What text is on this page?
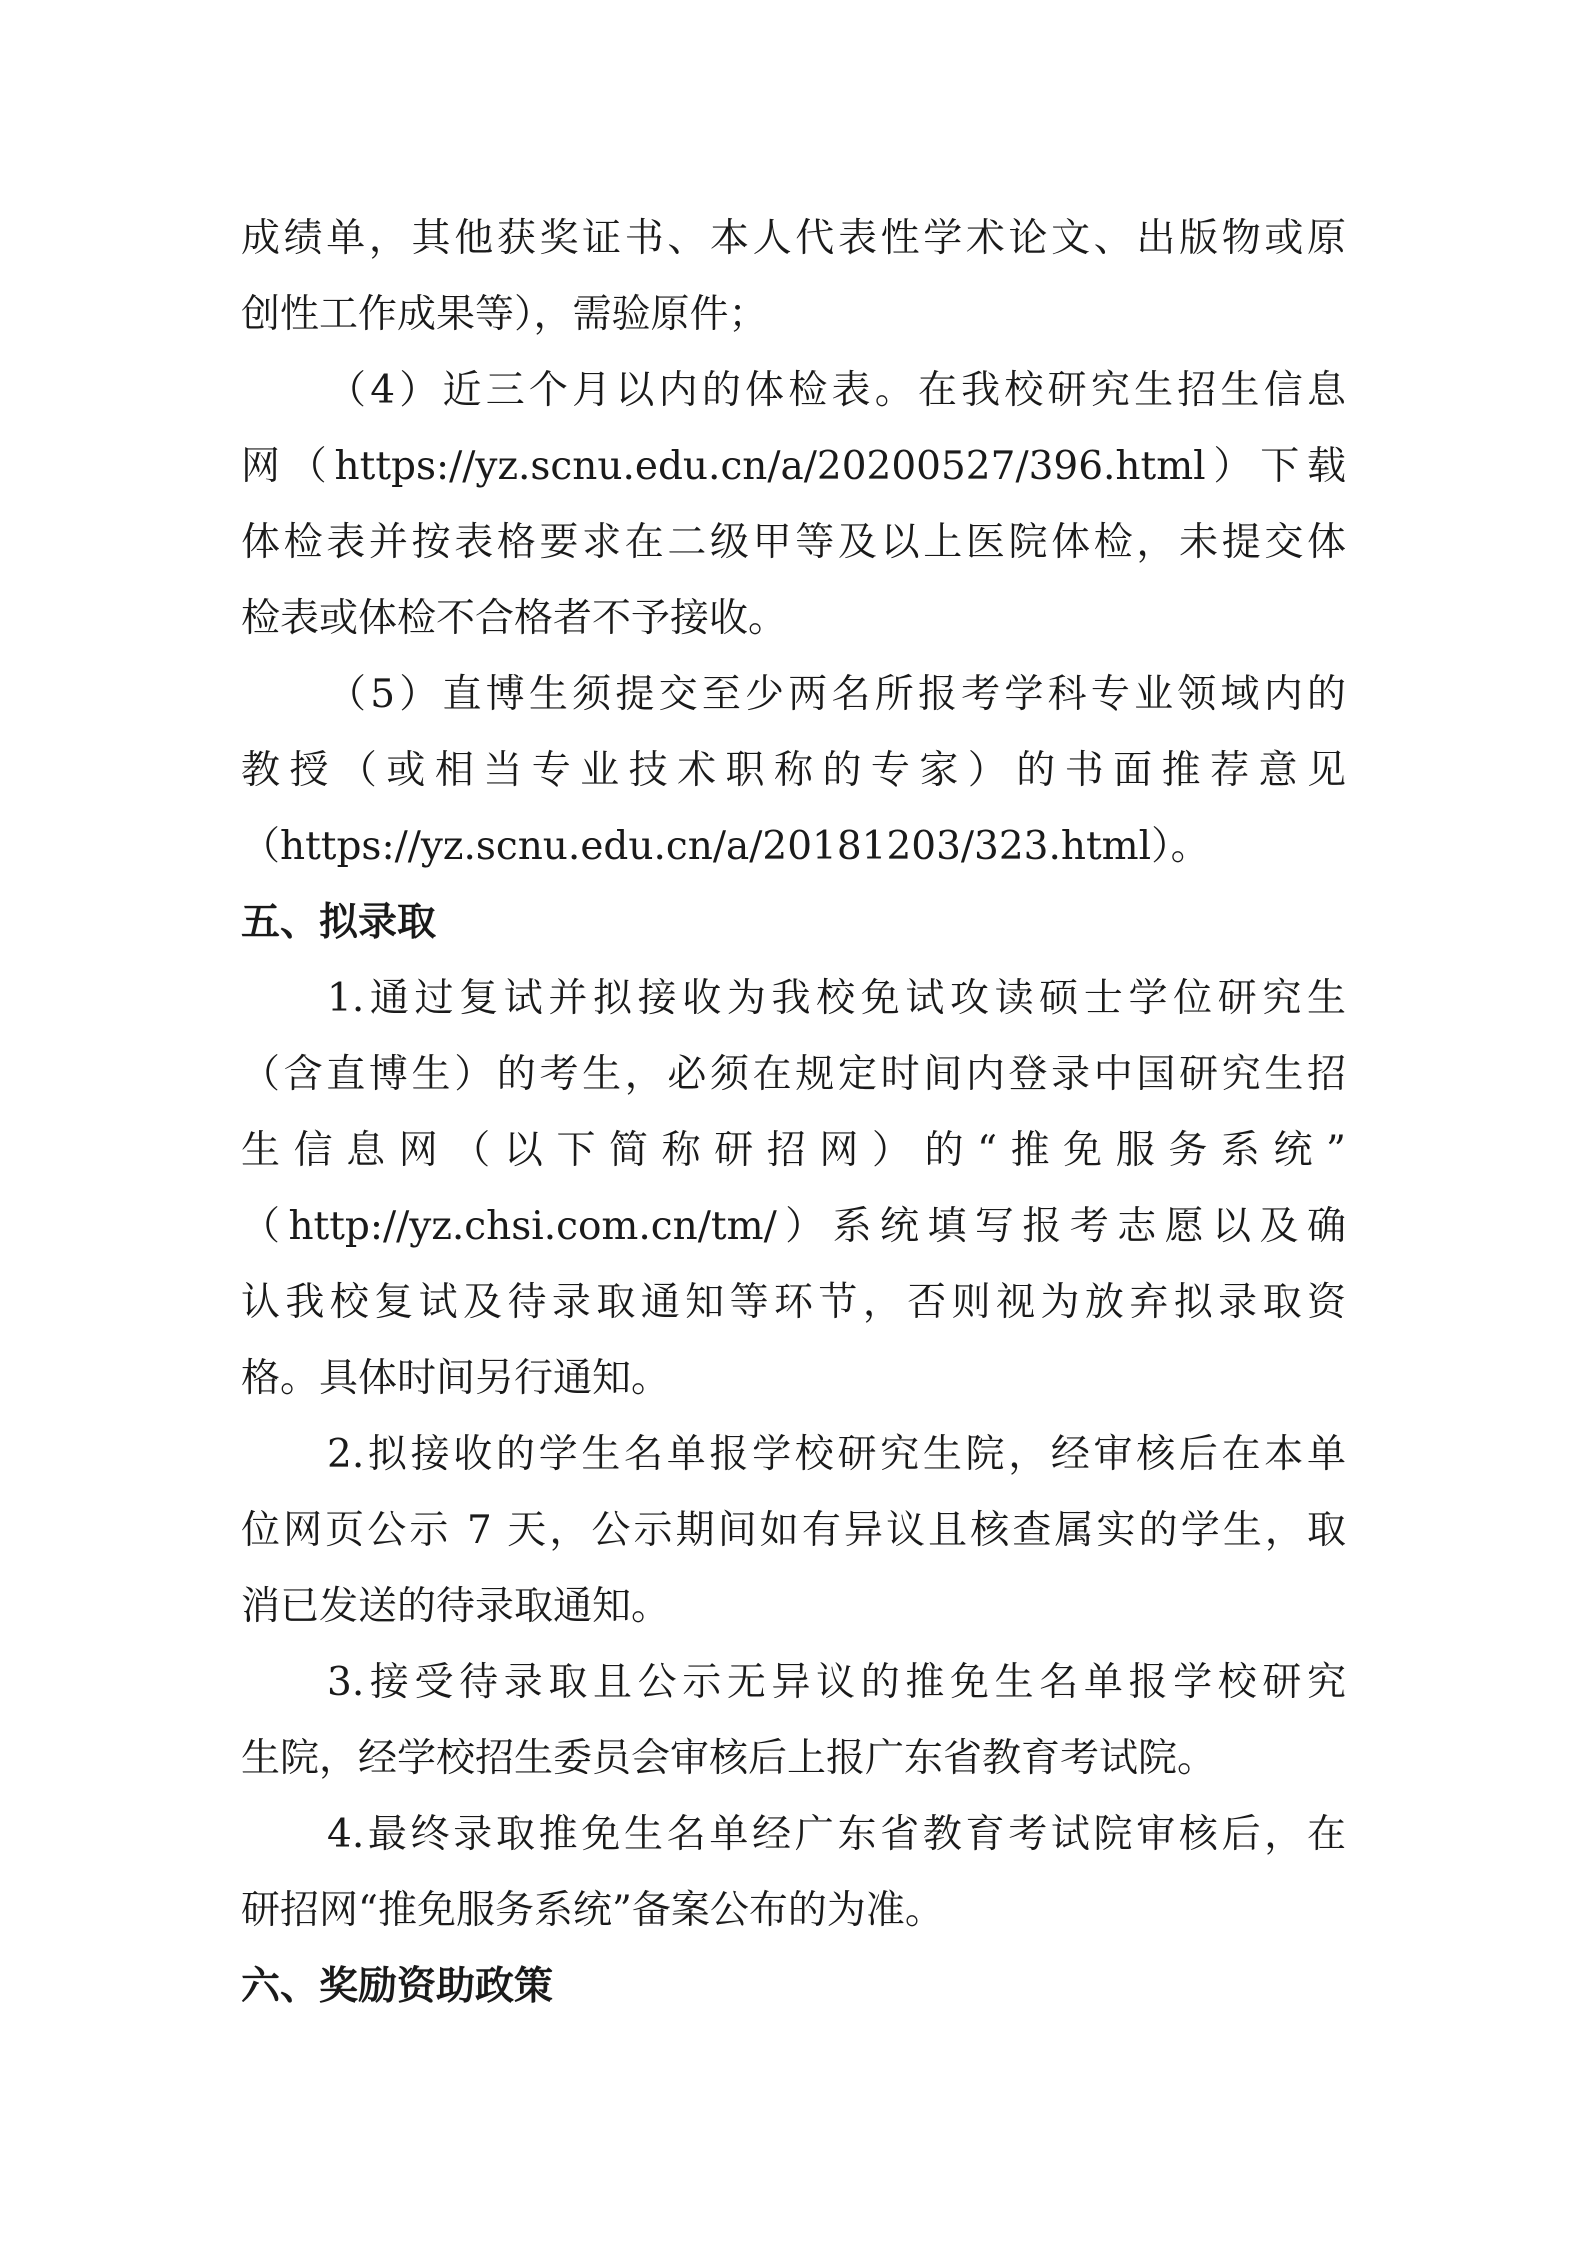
成绩单，其他获奖证书、本人代表性学术论文、出版物或原
创性工作成果等），需验原件；
（4）近三个月以内的体检表。在我校研究生招生信息
网（https://yz.scnu.edu.cn/a/20200527/396.html）下载
体检表并按表格要求在二级甲等及以上医院体检，未提交体
检表或体检不合格者不予接收。
（5）直博生须提交至少两名所报考学科专业领域内的
教授（或相当专业技术职称的专家）的书面推荐意见
（https://yz.scnu.edu.cn/a/20181203/323.html）。
五、拟录取
1.通过复试并拟接收为我校免试攻读硕士学位研究生
（含直博生）的考生，必须在规定时间内登录中国研究生招
生信息网（以下简称研招网）的“推免服务系统”
（http://yz.chsi.com.cn/tm/）系统填写报考志愿以及确
认我校复试及待录取通知等环节，否则视为放弃拟录取资
格。具体时间另行通知。
2.拟接收的学生名单报学校研究生院，经审核后在本单
位网页公示 7 天，公示期间如有异议且核查属实的学生，取
消已发送的待录取通知。
3.接受待录取且公示无异议的推免生名单报学校研究
生院，经学校招生委员会审核后上报广东省教育考试院。
4.最终录取推免生名单经广东省教育考试院审核后，在
研招网“推免服务系统”备案公布的为准。
六、奖励资助政策
